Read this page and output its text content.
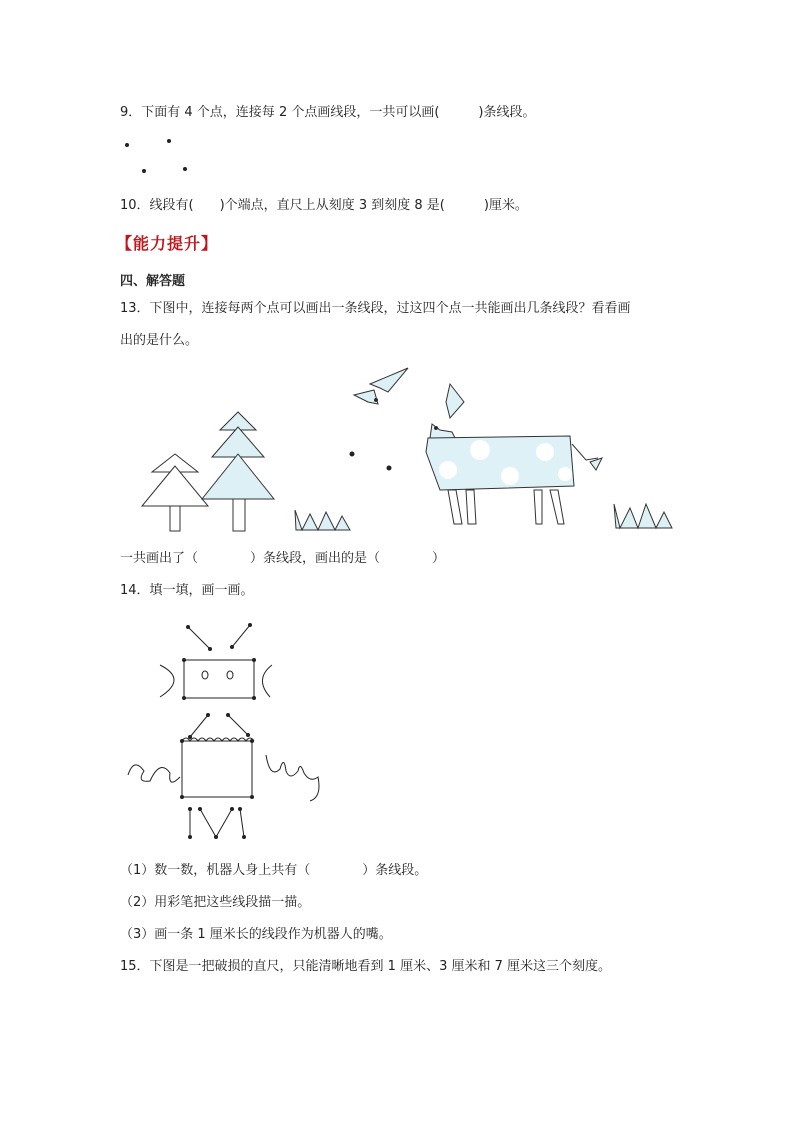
9．下面有 4 个点，连接每 2 个点画线段，一共可以画(　　　)条线段。
10．线段有(　　)个端点，直尺上从刻度 3 到刻度 8 是(　　　)厘米。
【能力提升】
四、解答题
13．下图中，连接每两个点可以画出一条线段，过这四个点一共能画出几条线段？看看画
出的是什么。
一共画出了（　　　　）条线段，画出的是（　　　　）
14．填一填，画一画。
（1）数一数，机器人身上共有（　　　　）条线段。
（2）用彩笔把这些线段描一描。
（3）画一条 1 厘米长的线段作为机器人的嘴。
15．下图是一把破损的直尺，只能清晰地看到 1 厘米、3 厘米和 7 厘米这三个刻度。
